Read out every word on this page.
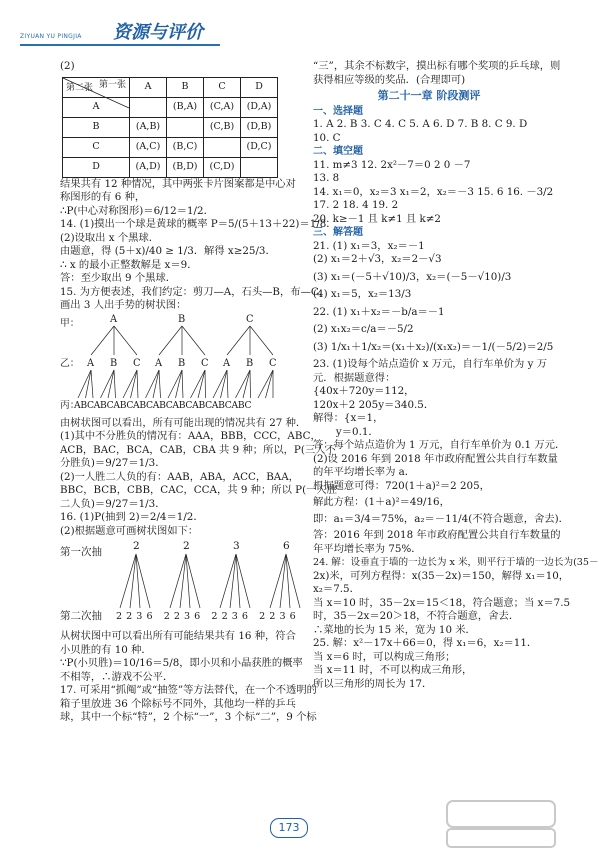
ZIYUAN YU PINGJIA 资源与评价
(2)
第一张
第二张	A	B	C	D
A		(B,A)	(C,A)	(D,A)
B	(A,B)		(C,B)	(D,B)
C	(A,C)	(B,C)		(D,C)
D	(A,D)	(B,D)	(C,D)	
结果共有 12 种情况，其中两张卡片图案都是中心对
称图形的有 6 种，
∴P(中心对称图形)＝6/12＝1/2．
14. (1)摸出一个球是黄球的概率 P＝5/(5＋13＋22)＝1/8．
(2)设取出 x 个黑球．
由题意，得 (5＋x)/40 ≥ 1/3．解得 x≥25/3．
∴ x 的最小正整数解是 x＝9．
答：至少取出 9 个黑球．
15. 为方便表述，我们约定：剪刀—A，石头—B，布—C，
画出 3 人出手势的树状图：
甲：
乙：
丙：
A	B	C
A B C A B C A B C
ABCABCABCABCABCABCABCABCABC
由树状图可以看出，所有可能出现的情况共有 27 种．
(1)其中不分胜负的情况有：AAA，BBB，CCC，ABC，
ACB，BAC，BCA，CAB，CBA 共 9 种；所以，P(三人不
分胜负)＝9/27＝1/3．
(2)一人胜二人负的有：AAB，ABA，ACC，BAA，
BBC，BCB，CBB，CAC，CCA，共 9 种；所以 P(一人胜
二人负)＝9/27＝1/3．
16. (1)P(抽到 2)＝2/4＝1/2．
(2)根据题意可画树状图如下：
第一次抽
第二次抽
2	2	3	6
2 2 3 6   2 2 3 6   2 2 3 6   2 2 3 6
从树状图中可以看出所有可能结果共有 16 种，符合
小贝胜的有 10 种．
∵P(小贝胜)＝10/16＝5/8，即小贝和小晶获胜的概率
不相等，∴游戏不公平．
17. 可采用“抓阄”或“抽签”等方法替代，在一个不透明的
箱子里放进 36 个除标号不同外，其他均一样的乒乓
球，其中一个标“特”，2 个标“一”，3 个标“二”，9 个标
“三”，其余不标数字，摸出标有哪个奖项的乒乓球，则
获得相应等级的奖品．(合理即可)
第二十一章 阶段测评
一、选择题
1. A 2. B 3. C 4. C 5. A 6. D 7. B 8. C 9. D
10. C
二、填空题
11. m≠3 12. 2x²－7＝0 2 0 －7
13. 8
14. x₁＝0，x₂＝3 x₁＝2，x₂＝－3 15. 6 16. －3/2
17. 2 18. 4 19. 2
20. k≥－1 且 k≠1 且 k≠2
三、解答题
21. (1) x₁＝3，x₂＝－1
(2) x₁＝2＋√3，x₂＝2－√3
(3) x₁＝(－5＋√10)/3，x₂＝(－5－√10)/3
(4) x₁＝5，x₂＝13/3
22. (1) x₁＋x₂＝－b/a＝－1
(2) x₁x₂＝c/a＝－5/2
(3) 1/x₁＋1/x₂＝(x₁＋x₂)/(x₁x₂)＝－1/(－5/2)＝2/5
23. (1)设每个站点造价 x 万元，自行车单价为 y 万
元．根据题意得：
{40x＋720y＝112，
120x＋2 205y＝340.5．
解得：{x＝1，
y＝0.1．
答：每个站点造价为 1 万元，自行车单价为 0.1 万元．
(2)设 2016 年到 2018 年市政府配置公共自行车数量
的年平均增长率为 a．
根据题意可得：720(1＋a)²＝2 205，
解此方程：(1＋a)²＝49/16，
即：a₁＝3/4＝75%，a₂＝－11/4(不符合题意，舍去)．
答：2016 年到 2018 年市政府配置公共自行车数量的
年平均增长率为 75%．
24. 解：设垂直于墙的一边长为 x 米，则平行于墙的一边长为(35－
2x)米，可列方程得：x(35－2x)＝150，解得 x₁＝10，
x₂＝7.5．
当 x＝10 时，35－2x＝15＜18，符合题意；当 x＝7.5
时，35－2x＝20＞18，不符合题意，舍去．
∴菜地的长为 15 米，宽为 10 米．
25. 解：x²－17x＋66＝0，得 x₁＝6，x₂＝11．
当 x＝6 时，可以构成三角形；
当 x＝11 时，不可以构成三角形，
所以三角形的周长为 17．
173
